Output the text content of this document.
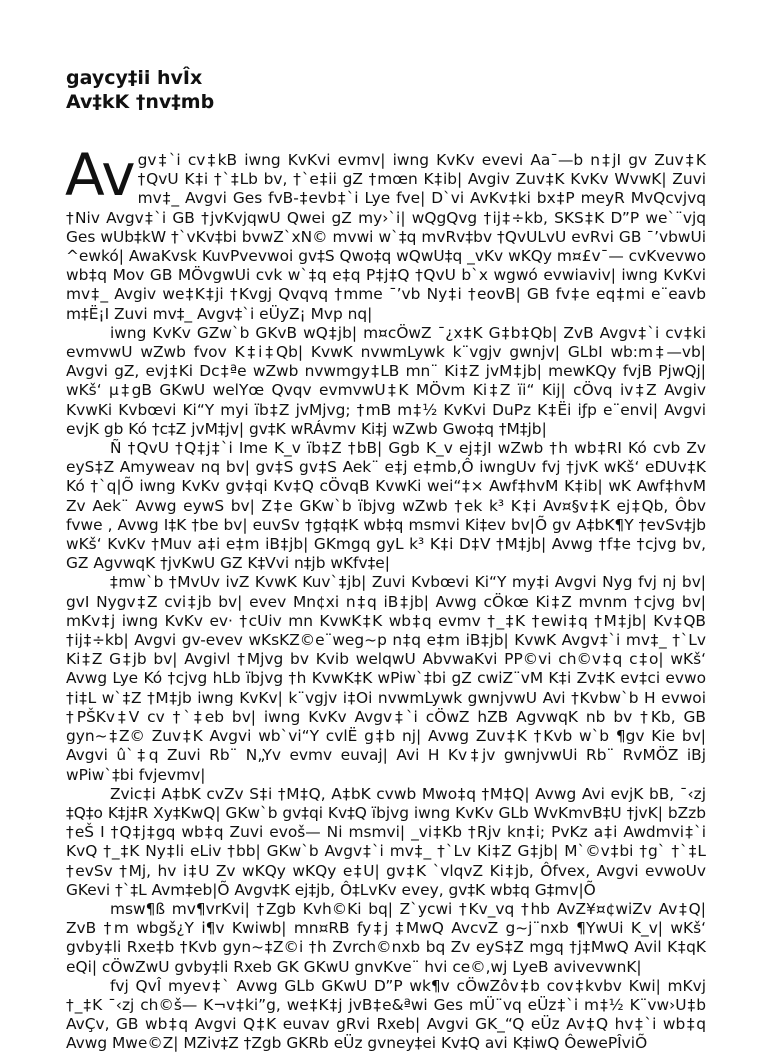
gaycy‡ii hvÎx
Av‡kK †nv‡mb

Av gv‡`i cv‡kB iwng KvKvi evmv| iwng KvKv evevi Aa¯—b n‡jI gv Zuv‡K †QvU K‡i †`‡Lb bv, †`e‡ii gZ †mœn K‡ib| Avgiv Zuv‡K KvKv WvwK| Zuvi mv‡_ Avgvi Ges fvB-‡evb‡`i Lye fve| D`vi AvKv‡ki bx‡P meyR MvQcvjvq †Niv Avgv‡`i GB †jvKvjqwU Qwei gZ my›`i| wQgQvg †ij‡÷kb, SKS‡K D”P we`¨vjq Ges wUb‡kW †`vKv‡bi bvwZ`xN© mvwi w`‡q mvRv‡bv †QvULvU evRvi GB ¯’vbwUi ^ewkó| AwaKvsk KuvPvevwoi gv‡S Qwo‡q wQwU‡q _vKv wKQy m¤£v¯— cvKvevwo wb‡q Mov GB MÖvgwUi cvk w`‡q e‡q P‡j‡Q †QvU b`x wgwó evwiaviv| iwng KvKvi mv‡_ Avgiv we‡K‡ji †Kvgj Qvqvq †mme ¯’vb Ny‡i †eovB| GB fv‡e eq‡mi e¨eavb m‡Ë¡I Zuvi mv‡_ Avgv‡`i eÜyZ¡ Mvp nq|

iwng KvKv GZw`b GKvB wQ‡jb| m¤cÖwZ ¯¿x‡K G‡b‡Qb| ZvB Avgv‡`i cv‡ki evmvwU wZwb fvov K‡i‡Qb| KvwK nvwmLywk k¨vgjv gwnjv| GLbI wb:m‡—vb| Avgvi gZ, evj‡Ki Dc‡ªe wZwb nvwmgy‡LB mn¨ Ki‡Z jvM‡jb| mewKQy fvjB PjwQj| wKš‘ µ‡gB GKwU welYœ Qvqv evmvwU‡K MÖvm Ki‡Z ïi“ Kij| cÖvq iv‡Z Avgiv KvwKi Kvbœvi Ki“Y myi ïb‡Z jvMjvg; †mB m‡½ KvKvi DuPz K‡Ëi iƒp e¨envi| Avgvi evjK gb Kó †c‡Z jvM‡jv| gv‡K wRÁvmv Ki‡j wZwb Gwo‡q †M‡jb|

Ñ †QvU †Q‡j‡`i Ime K_v ïb‡Z †bB| Ggb K_v ej‡jI wZwb †h wb‡RI Kó cvb Zv eyS‡Z Amyweav nq bv| gv‡S gv‡S Aek¨ e‡j e‡mb,Ô iwngUv fvj †jvK wKš‘ eDUv‡K Kó †`q|Õ iwng KvKv gv‡qi Kv‡Q cÖvqB KvwKi wei“‡× Awf‡hvM K‡ib| wK Awf‡hvM Zv Aek¨ Avwg eywS bv| Z‡e GKw`b ïbjvg wZwb †ek k³ K‡i Av¤§v‡K ej‡Qb, Ôbv fvwe , Avwg I‡K †be bv| euvSv †g‡q‡K wb‡q msmvi Ki‡ev bv|Õ gv A‡bK¶Y †evSv‡jb wKš‘ KvKv †Muv a‡i e‡m iB‡jb| GKmgq gyL k³ K‡i D‡V †M‡jb| Avwg †f‡e †cjvg bv, GZ AgvwqK †jvKwU GZ K‡Vvi n‡jb wKfv‡e|

‡mw`b †MvUv ivZ KvwK Kuv`‡jb| Zuvi Kvbœvi Ki“Y my‡i Avgvi Nyg fvj nj bv| gvI Nygv‡Z cvi‡jb bv| evev Mn¢xi n‡q iB‡jb| Avwg cÖkœ Ki‡Z mvnm †cjvg bv| mKv‡j iwng KvKv ev· †cUiv mn KvwK‡K wb‡q evmv †_‡K †ewi‡q †M‡jb| Kv‡QB †ij‡÷kb| Avgvi gv-evev wKsKZ©e¨weg~p n‡q e‡m iB‡jb| KvwK Avgv‡`i mv‡_ †`Lv Ki‡Z G‡jb bv| Avgivl †Mjvg bv Kvib welqwU AbvwaKvi PP©vi ch©v‡q c‡o| wKš‘ Avwg Lye Kó †cjvg hLb ïbjvg †h KvwK‡K wPiw`‡bi gZ cwiZ¨vM K‡i Zv‡K ev‡ci evwo †i‡L w`‡Z †M‡jb iwng KvKv| k¨vgjv i‡Oi nvwmLywk gwnjvwU Avi †Kvbw`b H evwoi †PŠKv‡V cv †`‡eb bv| iwng KvKv Avgv‡`i cÖwZ hZB AgvwqK nb bv †Kb, GB gyn~‡Z© Zuv‡K Avgvi wb`vi“Y cvlË g‡b nj| Avwg Zuv‡K †Kvb w`b ¶gv Kie bv| Avgvi û`‡q Zuvi Rb¨ N„Yv evmv euvaj| Avi H Kv‡jv gwnjvwUi Rb¨ RvMÖZ iBj wPiw`‡bi fvjevmv|

Zvic‡i A‡bK cvZv S‡i †M‡Q, A‡bK cvwb Mwo‡q †M‡Q| Avwg Avi evjK bB, ¯‹zj ‡Q‡o K‡j‡R Xy‡KwQ| GKw`b gv‡qi Kv‡Q ïbjvg iwng KvKv GLb WvKmvB‡U †jvK| bZzb †eŠ I †Q‡j‡gq wb‡q Zuvi evoš— Ni msmvi| _vi‡Kb †Rjv kn‡i; PvKz a‡i Awdmvi‡`i KvQ †_‡K Ny‡li eLiv †bb| GKw`b Avgv‡`i mv‡_ †`Lv Ki‡Z G‡jb| M`©v‡bi †g` †`‡L †evSv †Mj, hv i‡U Zv wKQy wKQy e‡U| gv‡K `vlqvZ Ki‡jb, Ôfvex, Avgvi evwoUv GKevi †`‡L Avm‡eb|Õ Avgv‡K ej‡jb, Ô‡LvKv evey, gv‡K wb‡q G‡mv|Õ

msw¶ß mv¶vrKvi| †Zgb Kvh©Ki bq| Z`ycwi †Kv_vq †hb AvZ¥¤¢wiZv Av‡Q| ZvB †m wbgš¿Y i¶v Kwiwb| mn¤RB fy‡j ‡MwQ AvcvZ g~j¨nxb ¶YwUi K_v| wKš‘ gvby‡li Rxe‡b †Kvb gyn~‡Z©i †h Zvrch©nxb bq Zv eyS‡Z mgq †j‡MwQ Avil K‡qK eQi| cÖwZwU gvby‡li Rxeb GK GKwU gnvKve¨ hvi ce©,wj LyeB avivevwnK|

fvj QvÎ myev‡` Avwg GLb GKwU D”P wk¶v cÖwZôv‡b cov‡kvbv Kwi| mKvj †_‡K ¯‹zj ch©š— K¬v‡ki”g, we‡K‡j jvB‡e&ªwi Ges mÜ¨vq eÜz‡`i m‡½ K¨vw›U‡b AvÇv, GB wb‡q Avgvi Q‡K euvav gRvi Rxeb| Avgvi GK_“Q eÜz Av‡Q hv‡`i wb‡q Avwg Mwe©Z| MZiv‡Z †Zgb GKRb eÜz gvney‡ei Kv‡Q avi K‡iwQ ÔewePÎviÕ
